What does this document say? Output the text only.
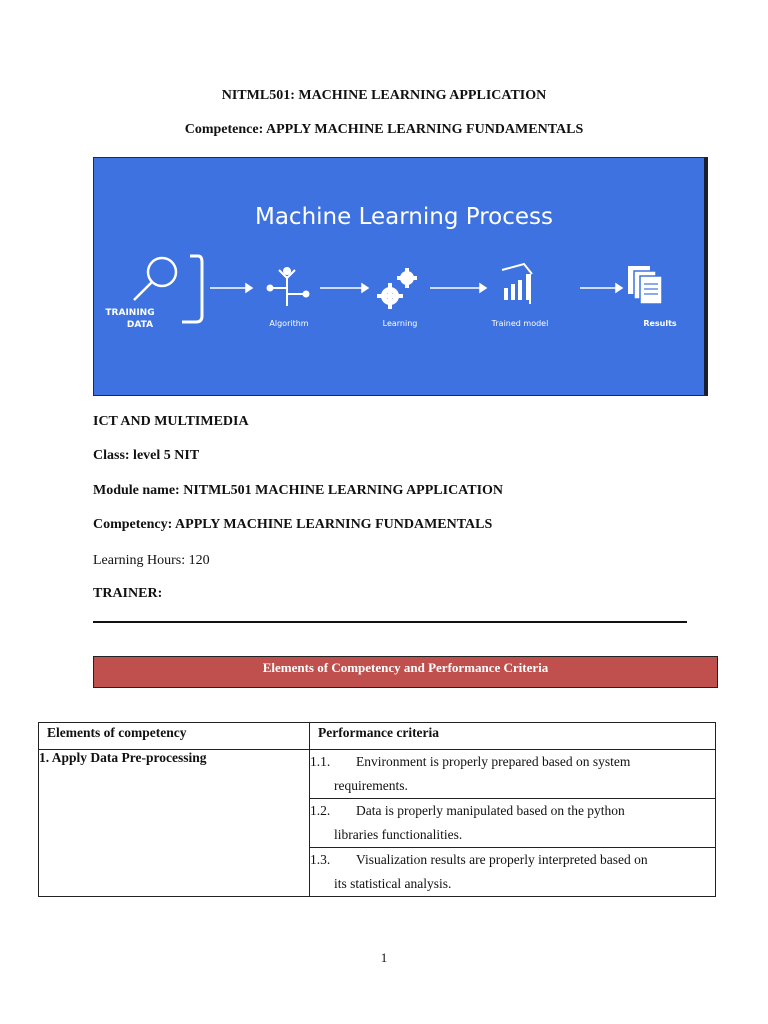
NITML501: MACHINE LEARNING APPLICATION
Competence: APPLY MACHINE LEARNING FUNDAMENTALS
Machine Learning Process
TRAINING
DATA	Algorithm	Learning	Trained model	Results
ICT AND MULTIMEDIA
Class: level 5 NIT
Module name: NITML501 MACHINE LEARNING APPLICATION
Competency: APPLY MACHINE LEARNING FUNDAMENTALS
Learning Hours: 120
TRAINER:
Elements of Competency and Performance Criteria
Elements of competency	Performance criteria
1. Apply Data Pre-processing	1.1. Environment is properly prepared based on system
requirements.
	1.2. Data is properly manipulated based on the python
libraries functionalities.
	1.3. Visualization results are properly interpreted based on
its statistical analysis.
1
